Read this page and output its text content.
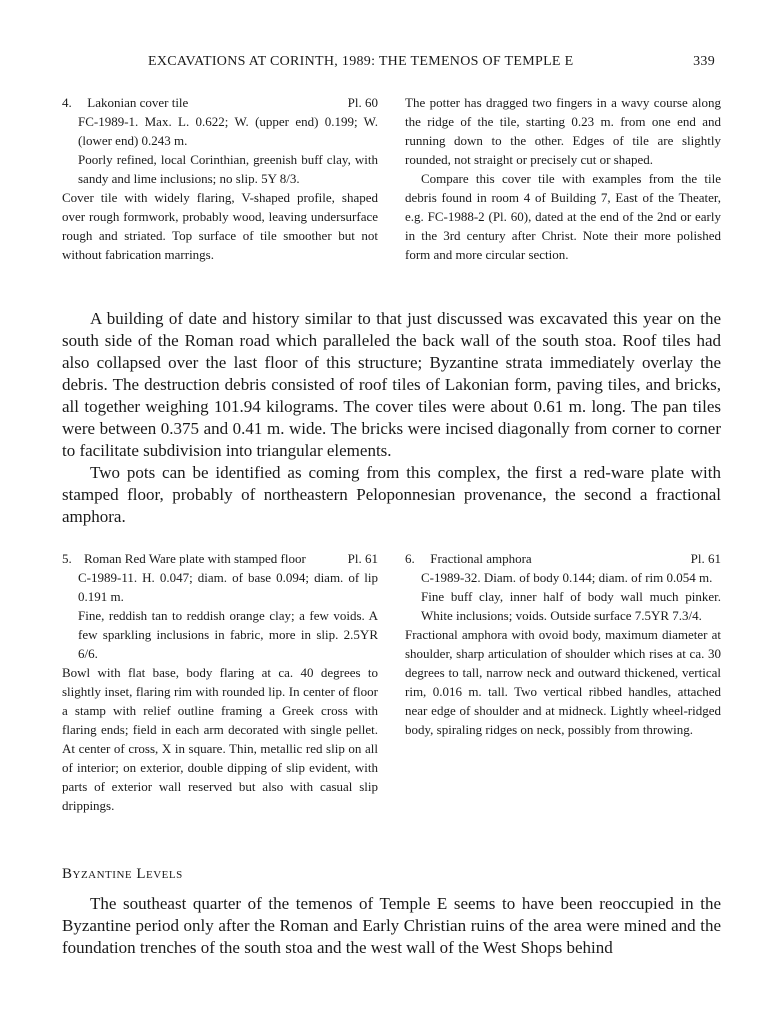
EXCAVATIONS AT CORINTH, 1989: THE TEMENOS OF TEMPLE E	339
4. Lakonian cover tile	Pl. 60

FC-1989-1. Max. L. 0.622; W. (upper end) 0.199; W. (lower end) 0.243 m.

Poorly refined, local Corinthian, greenish buff clay, with sandy and lime inclusions; no slip. 5Y 8/3.

Cover tile with widely flaring, V-shaped profile, shaped over rough formwork, probably wood, leaving undersurface rough and striated. Top surface of tile smoother but not without fabrication marrings.

The potter has dragged two fingers in a wavy course along the ridge of the tile, starting 0.23 m. from one end and running down to the other. Edges of tile are slightly rounded, not straight or precisely cut or shaped.

Compare this cover tile with examples from the tile debris found in room 4 of Building 7, East of the Theater, e.g. FC-1988-2 (Pl. 60), dated at the end of the 2nd or early in the 3rd century after Christ. Note their more polished form and more circular section.

A building of date and history similar to that just discussed was excavated this year on the south side of the Roman road which paralleled the back wall of the south stoa. Roof tiles had also collapsed over the last floor of this structure; Byzantine strata immediately overlay the debris. The destruction debris consisted of roof tiles of Lakonian form, paving tiles, and bricks, all together weighing 101.94 kilograms. The cover tiles were about 0.61 m. long. The pan tiles were between 0.375 and 0.41 m. wide. The bricks were incised diagonally from corner to corner to facilitate subdivision into triangular elements.

Two pots can be identified as coming from this complex, the first a red-ware plate with stamped floor, probably of northeastern Peloponnesian provenance, the second a fractional amphora.

5. Roman Red Ware plate with stamped floor	Pl. 61

C-1989-11. H. 0.047; diam. of base 0.094; diam. of lip 0.191 m.

Fine, reddish tan to reddish orange clay; a few voids. A few sparkling inclusions in fabric, more in slip. 2.5YR 6/6.

Bowl with flat base, body flaring at ca. 40 degrees to slightly inset, flaring rim with rounded lip. In center of floor a stamp with relief outline framing a Greek cross with flaring ends; field in each arm decorated with single pellet. At center of cross, X in square. Thin, metallic red slip on all of interior; on exterior, double dipping of slip evident, with parts of exterior wall reserved but also with casual slip drippings.

6. Fractional amphora	Pl. 61

C-1989-32. Diam. of body 0.144; diam. of rim 0.054 m.

Fine buff clay, inner half of body wall much pinker. White inclusions; voids. Outside surface 7.5YR 7.3/4.

Fractional amphora with ovoid body, maximum diameter at shoulder, sharp articulation of shoulder which rises at ca. 30 degrees to tall, narrow neck and outward thickened, vertical rim, 0.016 m. tall. Two vertical ribbed handles, attached near edge of shoulder and at midneck. Lightly wheel-ridged body, spiraling ridges on neck, possibly from throwing.

Byzantine Levels

The southeast quarter of the temenos of Temple E seems to have been reoccupied in the Byzantine period only after the Roman and Early Christian ruins of the area were mined and the foundation trenches of the south stoa and the west wall of the West Shops behind
